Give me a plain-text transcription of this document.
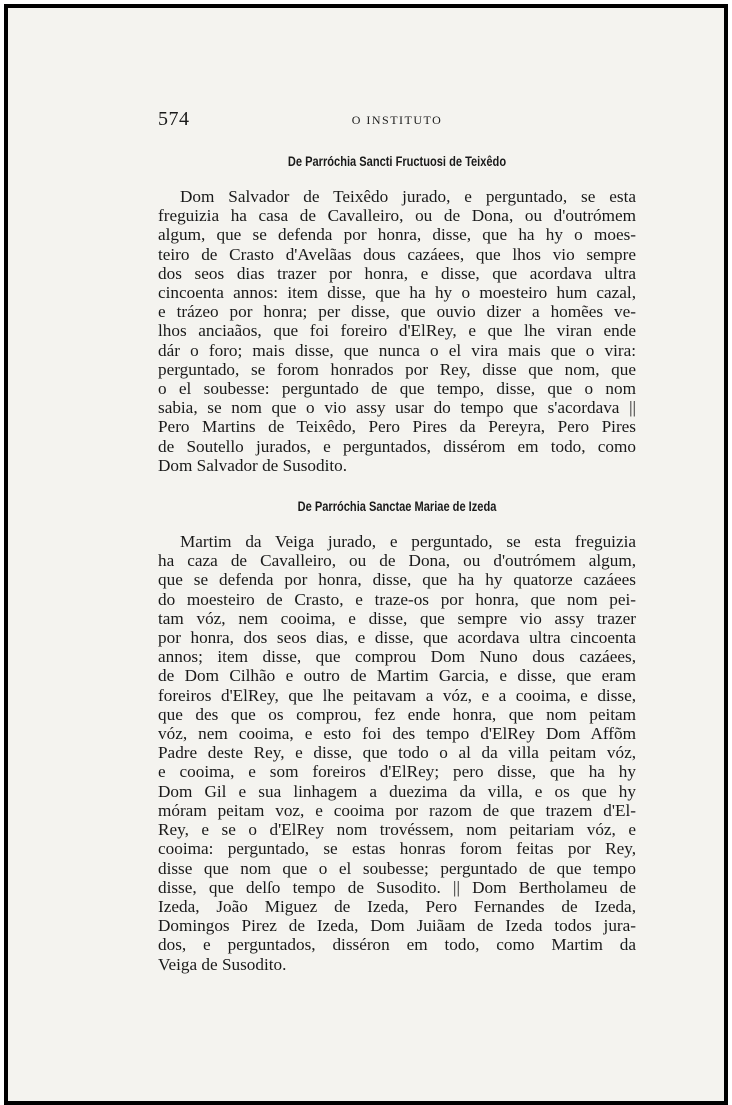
574	O INSTITUTO
De Parróchia Sancti Fructuosi de Teixêdo
Dom Salvador de Teixêdo jurado, e perguntado, se esta
freguizia ha casa de Cavalleiro, ou de Dona, ou d'outrómem
algum, que se defenda por honra, disse, que ha hy o moes-
teiro de Crasto d'Avelãas dous cazáees, que lhos vio sempre
dos seos dias trazer por honra, e disse, que acordava ultra
cincoenta annos: item disse, que ha hy o moesteiro hum cazal,
e trázeo por honra; per disse, que ouvio dizer a homẽes ve-
lhos anciaãos, que foi foreiro d'ElRey, e que lhe viran ende
dár o foro; mais disse, que nunca o el vira mais que o vira:
perguntado, se forom honrados por Rey, disse que nom, que
o el soubesse: perguntado de que tempo, disse, que o nom
sabia, se nom que o vio assy usar do tempo que s'acordava ||
Pero Martins de Teixêdo, Pero Pires da Pereyra, Pero Pires
de Soutello jurados, e perguntados, dissérom em todo, como
Dom Salvador de Susodito.
De Parróchia Sanctae Mariae de Izeda
Martim da Veiga jurado, e perguntado, se esta freguizia
ha caza de Cavalleiro, ou de Dona, ou d'outrómem algum,
que se defenda por honra, disse, que ha hy quatorze cazáees
do moesteiro de Crasto, e traze-os por honra, que nom pei-
tam vóz, nem cooima, e disse, que sempre vio assy trazer
por honra, dos seos dias, e disse, que acordava ultra cincoenta
annos; item disse, que comprou Dom Nuno dous cazáees,
de Dom Cilhão e outro de Martim Garcia, e disse, que eram
foreiros d'ElRey, que lhe peitavam a vóz, e a cooima, e disse,
que des que os comprou, fez ende honra, que nom peitam
vóz, nem cooima, e esto foi des tempo d'ElRey Dom Affõm
Padre deste Rey, e disse, que todo o al da villa peitam vóz,
e cooima, e som foreiros d'ElRey; pero disse, que ha hy
Dom Gil e sua linhagem a duezima da villa, e os que hy
móram peitam voz, e cooima por razom de que trazem d'El-
Rey, e se o d'ElRey nom trovéssem, nom peitariam vóz, e
cooima: perguntado, se estas honras forom feitas por Rey,
disse que nom que o el soubesse; perguntado de que tempo
disse, que delſo tempo de Susodito. || Dom Bertholameu de
Izeda, João Miguez de Izeda, Pero Fernandes de Izeda,
Domingos Pirez de Izeda, Dom Juiãam de Izeda todos jura-
dos, e perguntados, disséron em todo, como Martim da
Veiga de Susodito.
